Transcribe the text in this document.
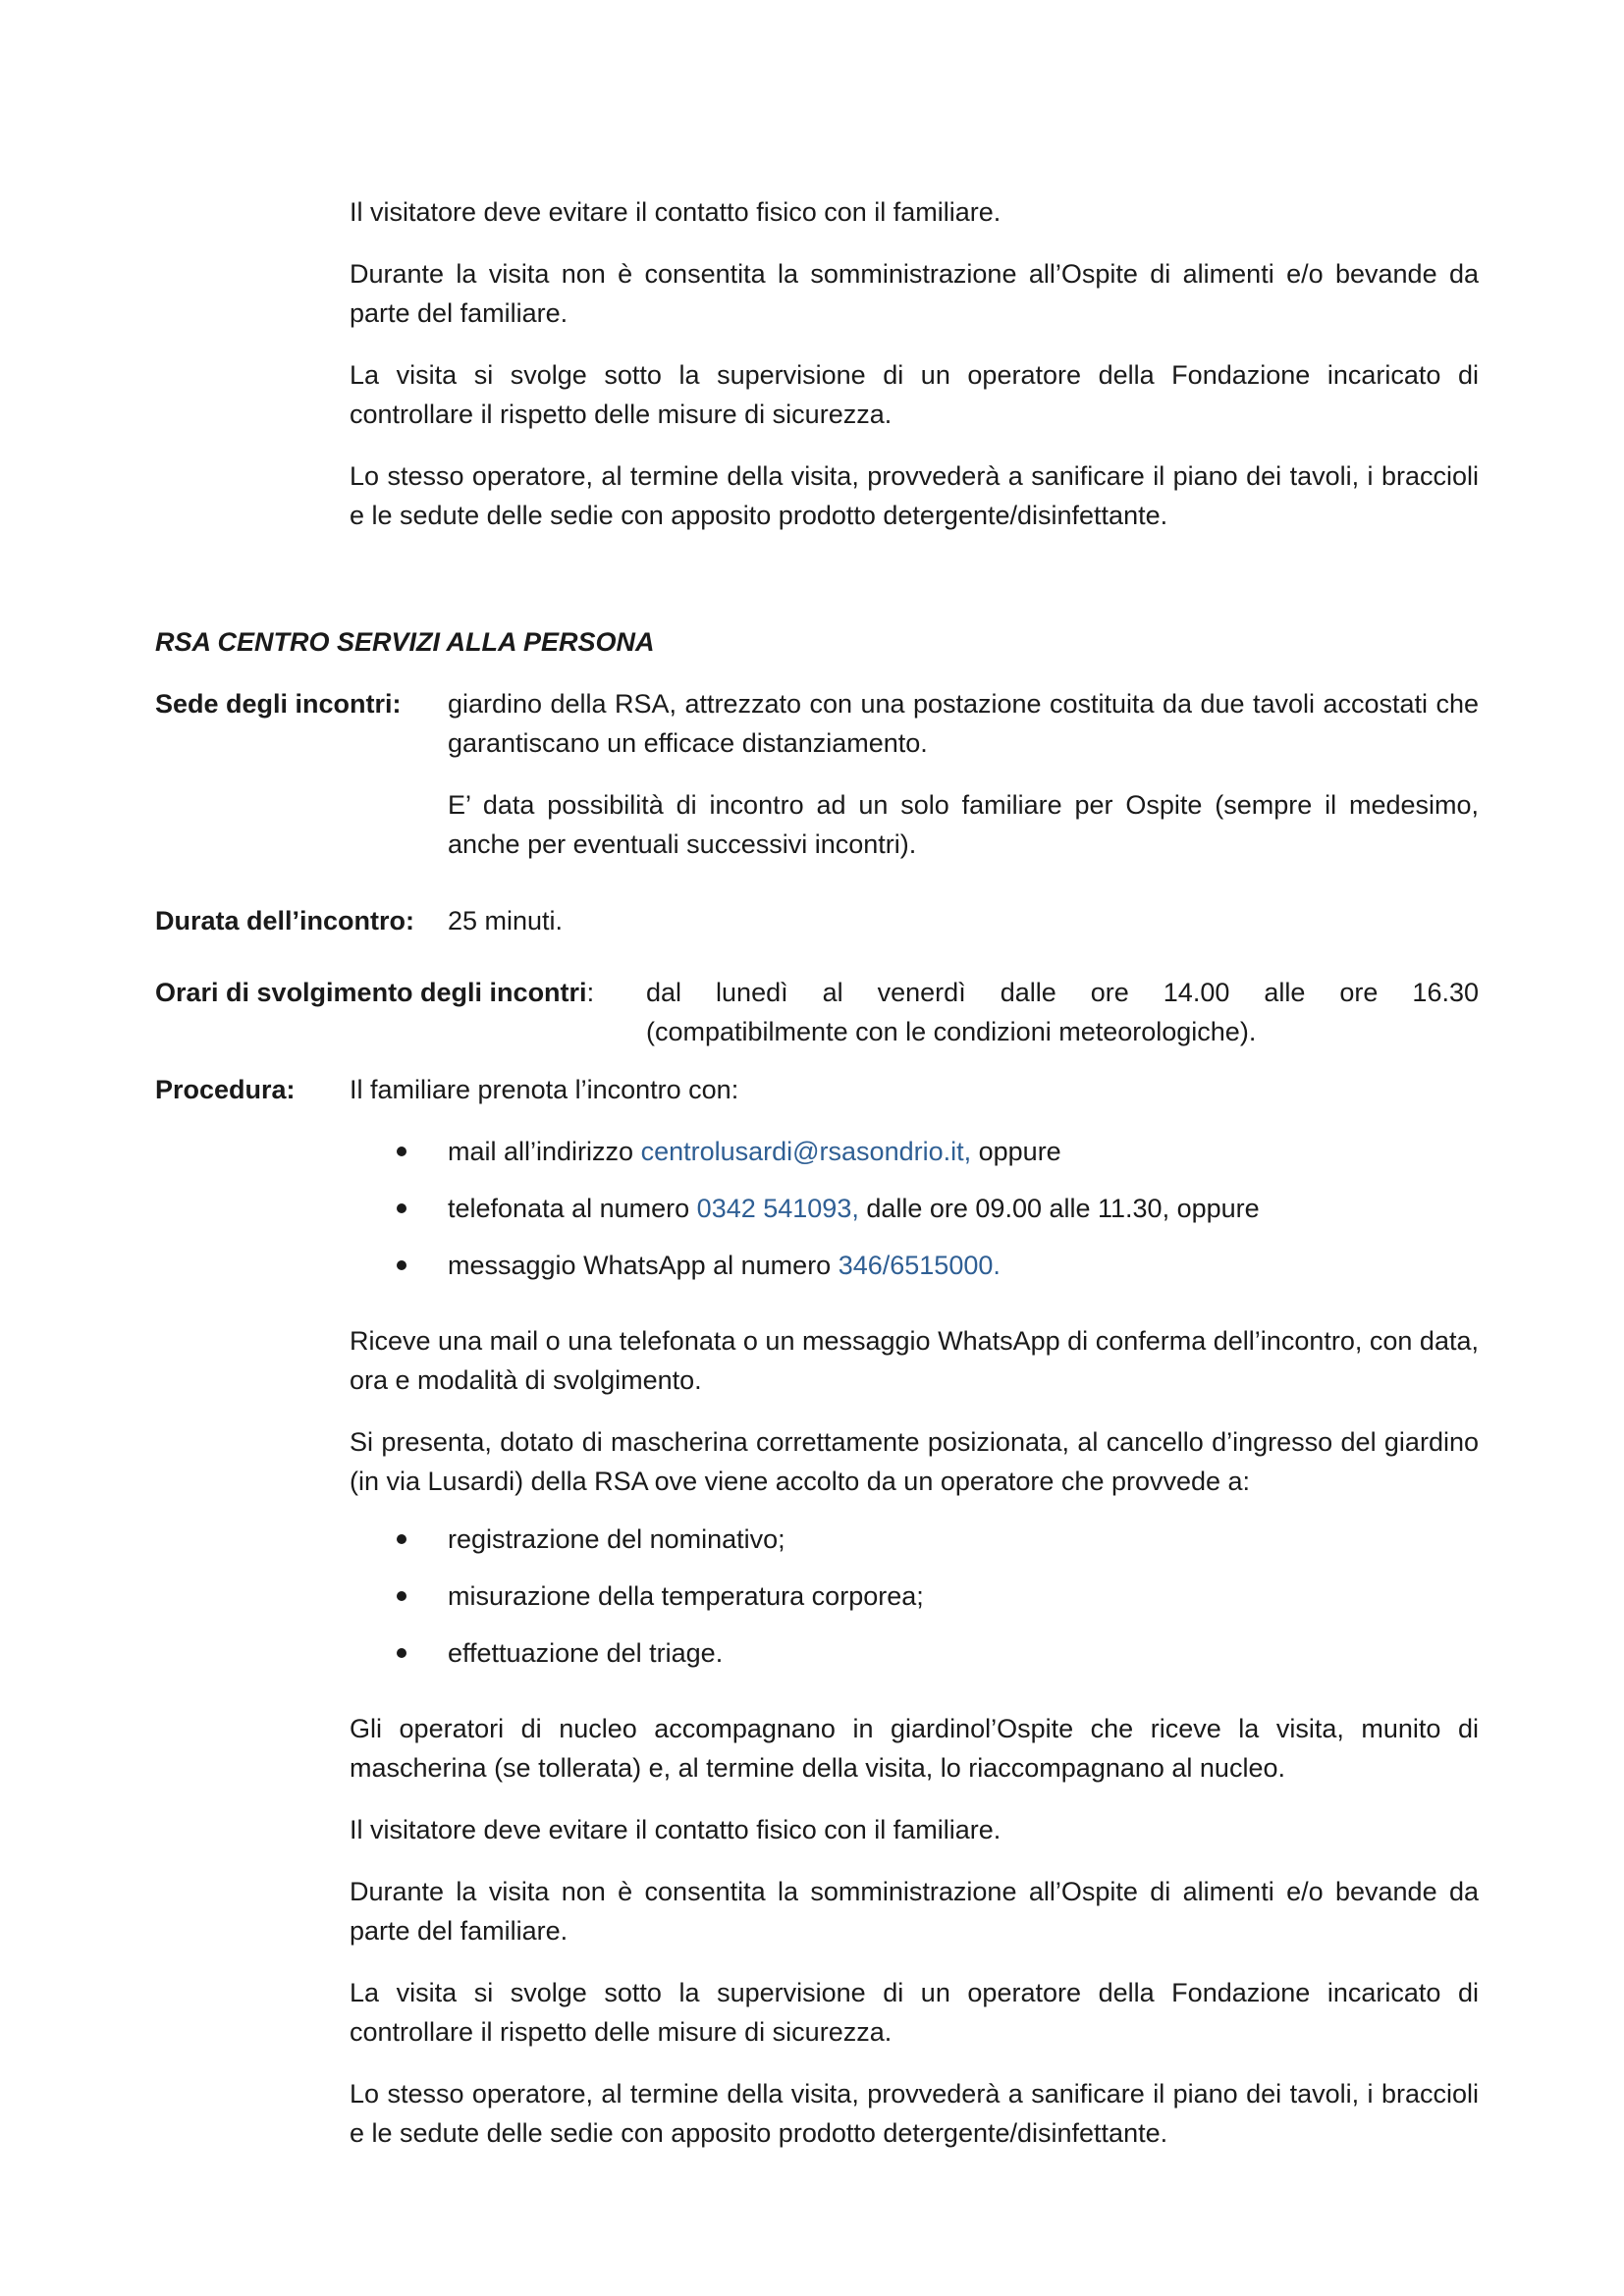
Il visitatore deve evitare il contatto fisico con il familiare.

Durante la visita non è consentita la somministrazione all’Ospite di alimenti e/o bevande da parte del familiare.

La visita si svolge sotto la supervisione di un operatore della Fondazione incaricato di controllare il rispetto delle misure di sicurezza.

Lo stesso operatore, al termine della visita, provvederà a sanificare il piano dei tavoli, i braccioli e le sedute delle sedie con apposito prodotto detergente/disinfettante.

RSA CENTRO SERVIZI ALLA PERSONA
Sede degli incontri: giardino della RSA, attrezzato con una postazione costituita da due tavoli accostati che garantiscano un efficace distanziamento.

E’ data possibilità di incontro ad un solo familiare per Ospite (sempre il medesimo, anche per eventuali successivi incontri).

Durata dell’incontro: 25 minuti.
Orari di svolgimento degli incontri: dal lunedì al venerdì dalle ore 14.00 alle ore 16.30
(compatibilmente con le condizioni meteorologiche).
Procedura: Il familiare prenota l’incontro con:
mail all’indirizzo centrolusardi@rsasondrio.it, oppure
telefonata al numero 0342 541093, dalle ore 09.00 alle 11.30, oppure
messaggio WhatsApp al numero 346/6515000.

Riceve una mail o una telefonata o un messaggio WhatsApp di conferma dell’incontro, con data, ora e modalità di svolgimento.

Si presenta, dotato di mascherina correttamente posizionata, al cancello d’ingresso del giardino (in via Lusardi) della RSA ove viene accolto da un operatore che provvede a:

registrazione del nominativo;
misurazione della temperatura corporea;
effettuazione del triage.

Gli operatori di nucleo accompagnano in giardinol’Ospite che riceve la visita, munito di mascherina (se tollerata) e, al termine della visita, lo riaccompagnano al nucleo.

Il visitatore deve evitare il contatto fisico con il familiare.

Durante la visita non è consentita la somministrazione all’Ospite di alimenti e/o bevande da parte del familiare.

La visita si svolge sotto la supervisione di un operatore della Fondazione incaricato di controllare il rispetto delle misure di sicurezza.

Lo stesso operatore, al termine della visita, provvederà a sanificare il piano dei tavoli, i braccioli e le sedute delle sedie con apposito prodotto detergente/disinfettante.
